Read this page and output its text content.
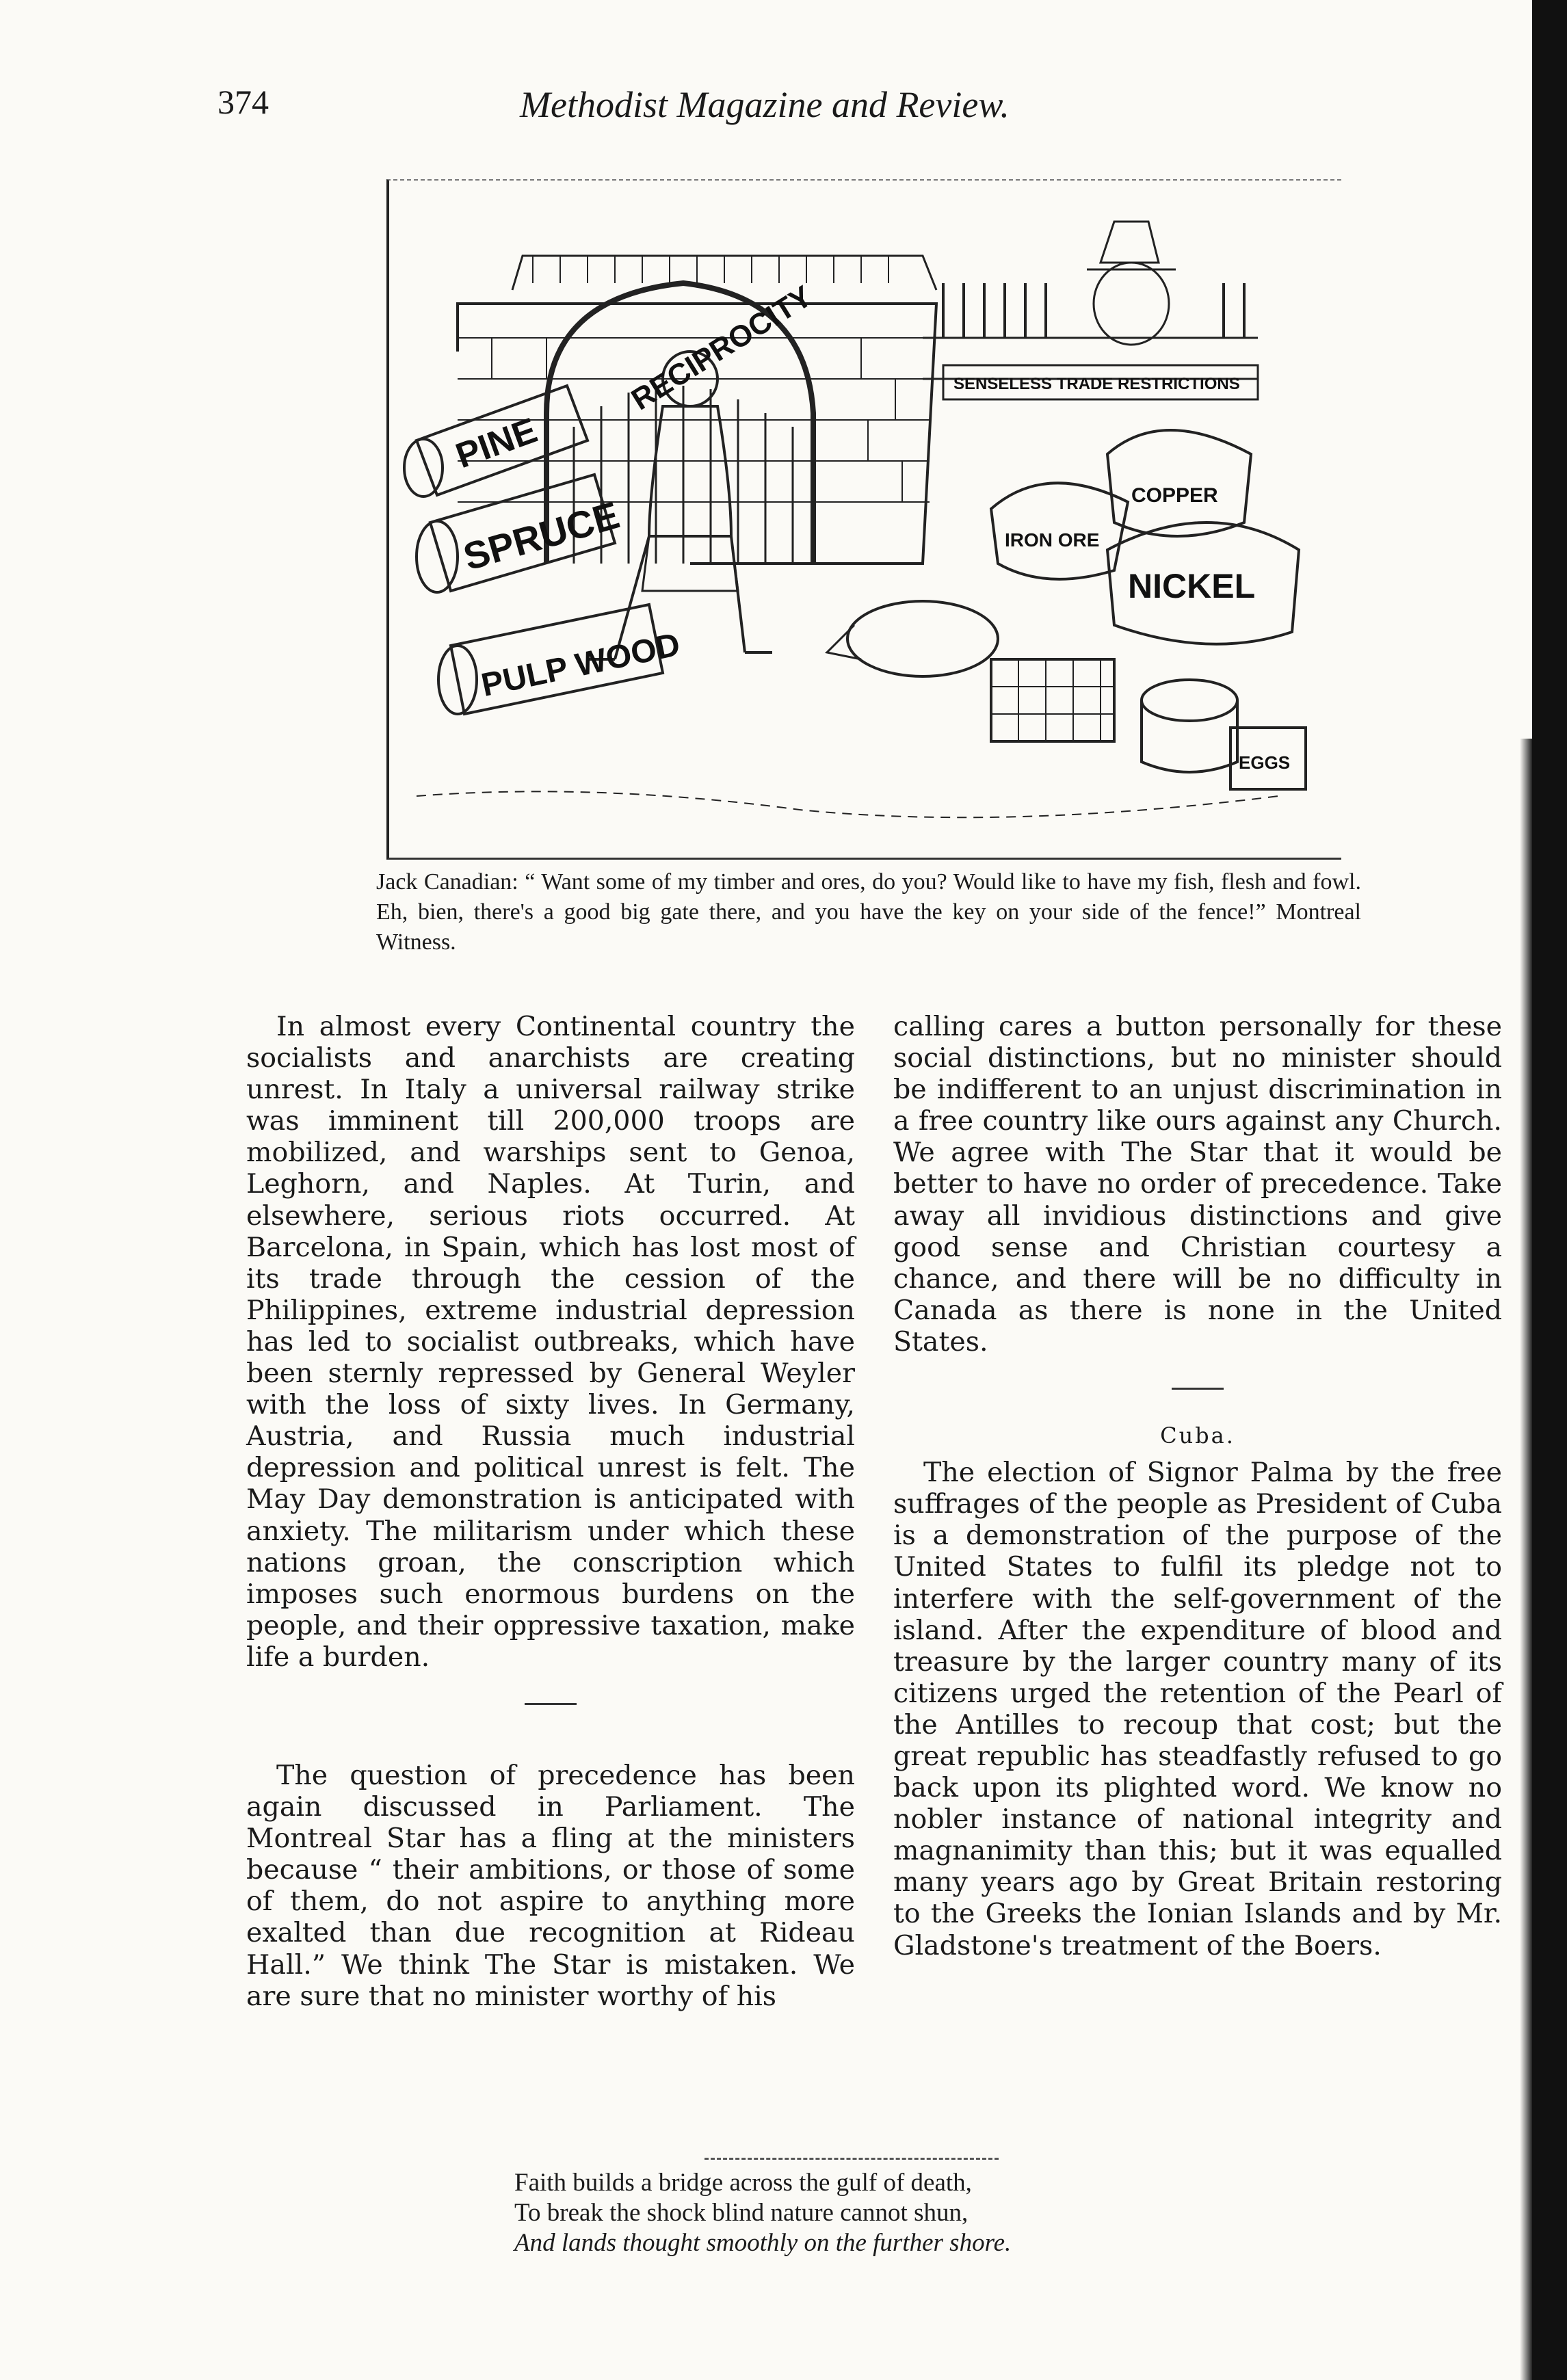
374	Methodist Magazine and Review.
RECIPROCITY	SENSELESS TRADE RESTRICTIONS
PINE
SPRUCE
PULP WOOD
COPPER
IRON ORE
NICKEL
EGGS
Jack Canadian: “ Want some of my timber and ores, do you? Would like to have my fish, flesh and fowl. Eh, bien, there's a good big gate there, and you have the key on your side of the fence!” Montreal Witness.

In almost every Continental country the socialists and anarchists are creating unrest. In Italy a universal railway strike was imminent till 200,000 troops are mobilized, and warships sent to Genoa, Leghorn, and Naples. At Turin, and elsewhere, serious riots occurred. At Barcelona, in Spain, which has lost most of its trade through the cession of the Philippines, extreme industrial depression has led to socialist outbreaks, which have been sternly repressed by General Weyler with the loss of sixty lives. In Germany, Austria, and Russia much industrial depression and political unrest is felt. The May Day demonstration is anticipated with anxiety. The militarism under which these nations groan, the conscription which imposes such enormous burdens on the people, and their oppressive taxation, make life a burden.

The question of precedence has been again discussed in Parliament. The Montreal Star has a fling at the ministers because “ their ambitions, or those of some of them, do not aspire to anything more exalted than due recognition at Rideau Hall.” We think The Star is mistaken. We are sure that no minister worthy of his

calling cares a button personally for these social distinctions, but no minister should be indifferent to an unjust discrimination in a free country like ours against any Church. We agree with The Star that it would be better to have no order of precedence. Take away all invidious distinctions and give good sense and Christian courtesy a chance, and there will be no difficulty in Canada as there is none in the United States.

Cuba.

The election of Signor Palma by the free suffrages of the people as President of Cuba is a demonstration of the purpose of the United States to fulfil its pledge not to interfere with the self-government of the island. After the expenditure of blood and treasure by the larger country many of its citizens urged the retention of the Pearl of the Antilles to recoup that cost; but the great republic has steadfastly refused to go back upon its plighted word. We know no nobler instance of national integrity and magnanimity than this; but it was equalled many years ago by Great Britain restoring to the Greeks the Ionian Islands and by Mr. Gladstone's treatment of the Boers.

Faith builds a bridge across the gulf of death,
To break the shock blind nature cannot shun,
And lands thought smoothly on the further shore.
